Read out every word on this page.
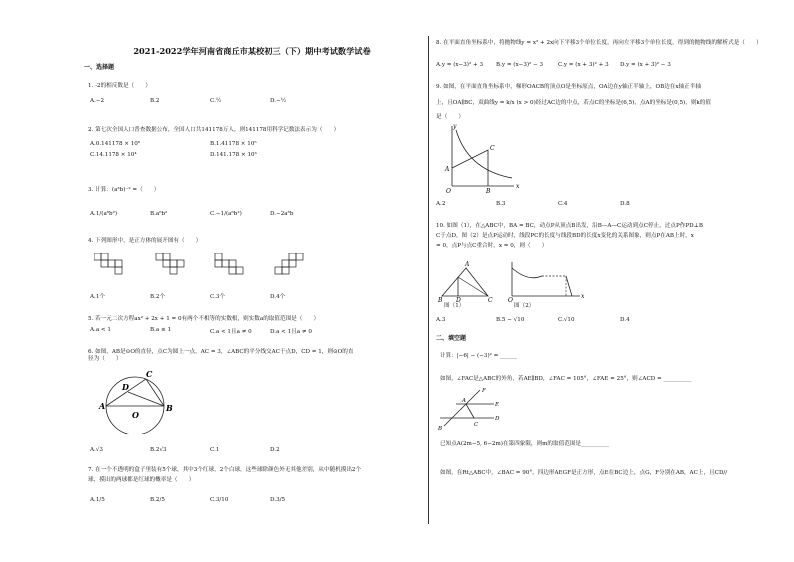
2021-2022学年河南省商丘市某校初三（下）期中考试数学试卷
一、选择题
1. -2的相反数是（　　）
A.−2	B.2	C.½	D.−½
2. 第七次全国人口普查数据公布，全国人口共141178万人，则141178用科学记数法表示为（　　）
A.0.141178 × 10⁶	B.1.41178 × 10⁵
C.14.1178 × 10⁴	D.141.178 × 10³
3. 计算：(a³b)⁻² =（　　）
A.1/(a⁶b²)	B.a⁶b²	C.−1/(a⁶b²)	D.−2a⁶b
4. 下列图形中，是正方体的展开图有（　　）
A.1个	B.2个	C.3个	D.4个
5. 若一元二次方程ax² + 2x + 1 = 0有两个不相等的实数根，则实数a的取值范围是（　　）
A.a < 1	B.a ≤ 1	C.a < 1且a ≠ 0	D.a < 1且a ≠ 0
6. 如图，AB是⊙O的直径，点C为圆上一点，AC = 3，∠ABC的平分线交AC于点D，CD = 1，则⊙O的直径为（　　）
A	B
C
D
O
A.√3	B.2√3	C.1	D.2
7. 在一个不透明的盒子里装有5个球，其中3个红球，2个白球，这些球除颜色外无其他差别，从中随机摸出2个
球，摸出的两球都是红球的概率是（　　）
A.1/5	B.2/5	C.3/10	D.3/5
8. 在平面直角坐标系中，将抛物线y = x² + 2x向下平移3个单位长度，再向左平移3个单位长度，得到的抛物线的解析式是（　　）
A.y = (x−3)² + 3	B.y = (x−3)² − 3	C.y = (x + 3)² + 3	D.y = (x + 3)² − 3
9. 如图，在平面直角坐标系中，梯形OACB的顶点O是坐标原点，OA边在y轴正半轴上，OB边在x轴正半轴
上，且OA∥BC，双曲线y = k/x (x > 0)经过AC边的中点，若点C的坐标是(6,5)，点A的坐标是(0,5)，则k的值
是（　　）
x
y
A
C
B
O
A.2	B.3	C.4	D.8
10. 如图（1），在△ABC中，BA = BC，动点P从顶点B出发，沿B—A—C运动到点C停止，过点P作PD⊥B
C于点D，图（2）是点P运动时，线段PC的长度与线段BD的长度x变化的关系图象，则点P在AB上时，x
= 0，点P与点C重合时，x = 0，则（　　）
B
A
C
D	O
x
图（1）	图（2）
A.3	B.5 − √10	C.√10	D.4
二、填空题
计算：|−6| − (−3)² = ______
如图，∠FAC是△ABC的外角，若AE∥BD，∠FAC = 105°，∠FAE = 25°，则∠ACD = __________
F
E
D
B
C
A
已知点A(2m−5, 6−2m)在第四象限，则m的取值范围是__________
如图，在Rt△ABC中，∠BAC = 90°，四边形AEGF是正方形，点E在BC边上，点G，F分别在AB，AC上，且CD//
